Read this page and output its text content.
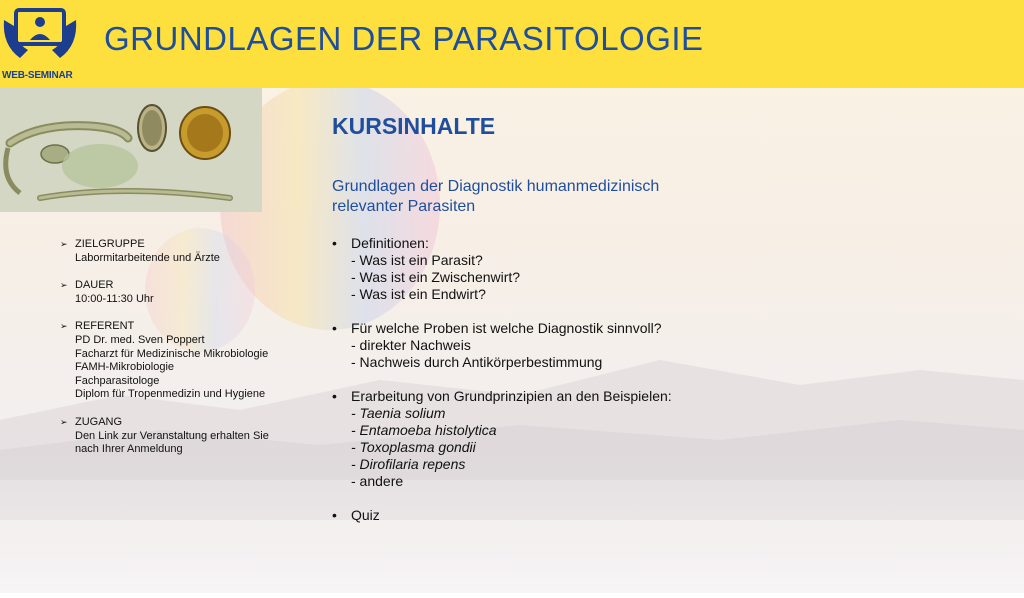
WEB-SEMINAR
GRUNDLAGEN DER PARASITOLOGIE
➢ ZIELGRUPPE
Labormitarbeitende und Ärzte
➢ DAUER
10:00-11:30 Uhr
➢ REFERENT
PD Dr. med. Sven Poppert
Facharzt für Medizinische Mikrobiologie
FAMH-Mikrobiologie
Fachparasitologe
Diplom für Tropenmedizin und Hygiene
➢ ZUGANG
Den Link zur Veranstaltung erhalten Sie
nach Ihrer Anmeldung
KURSINHALTE
Grundlagen der Diagnostik humanmedizinisch
relevanter Parasiten
• Definitionen:
- Was ist ein Parasit?
- Was ist ein Zwischenwirt?
- Was ist ein Endwirt?
• Für welche Proben ist welche Diagnostik sinnvoll?
- direkter Nachweis
- Nachweis durch Antikörperbestimmung
• Erarbeitung von Grundprinzipien an den Beispielen:
- Taenia solium
- Entamoeba histolytica
- Toxoplasma gondii
- Dirofilaria repens
- andere
• Quiz
